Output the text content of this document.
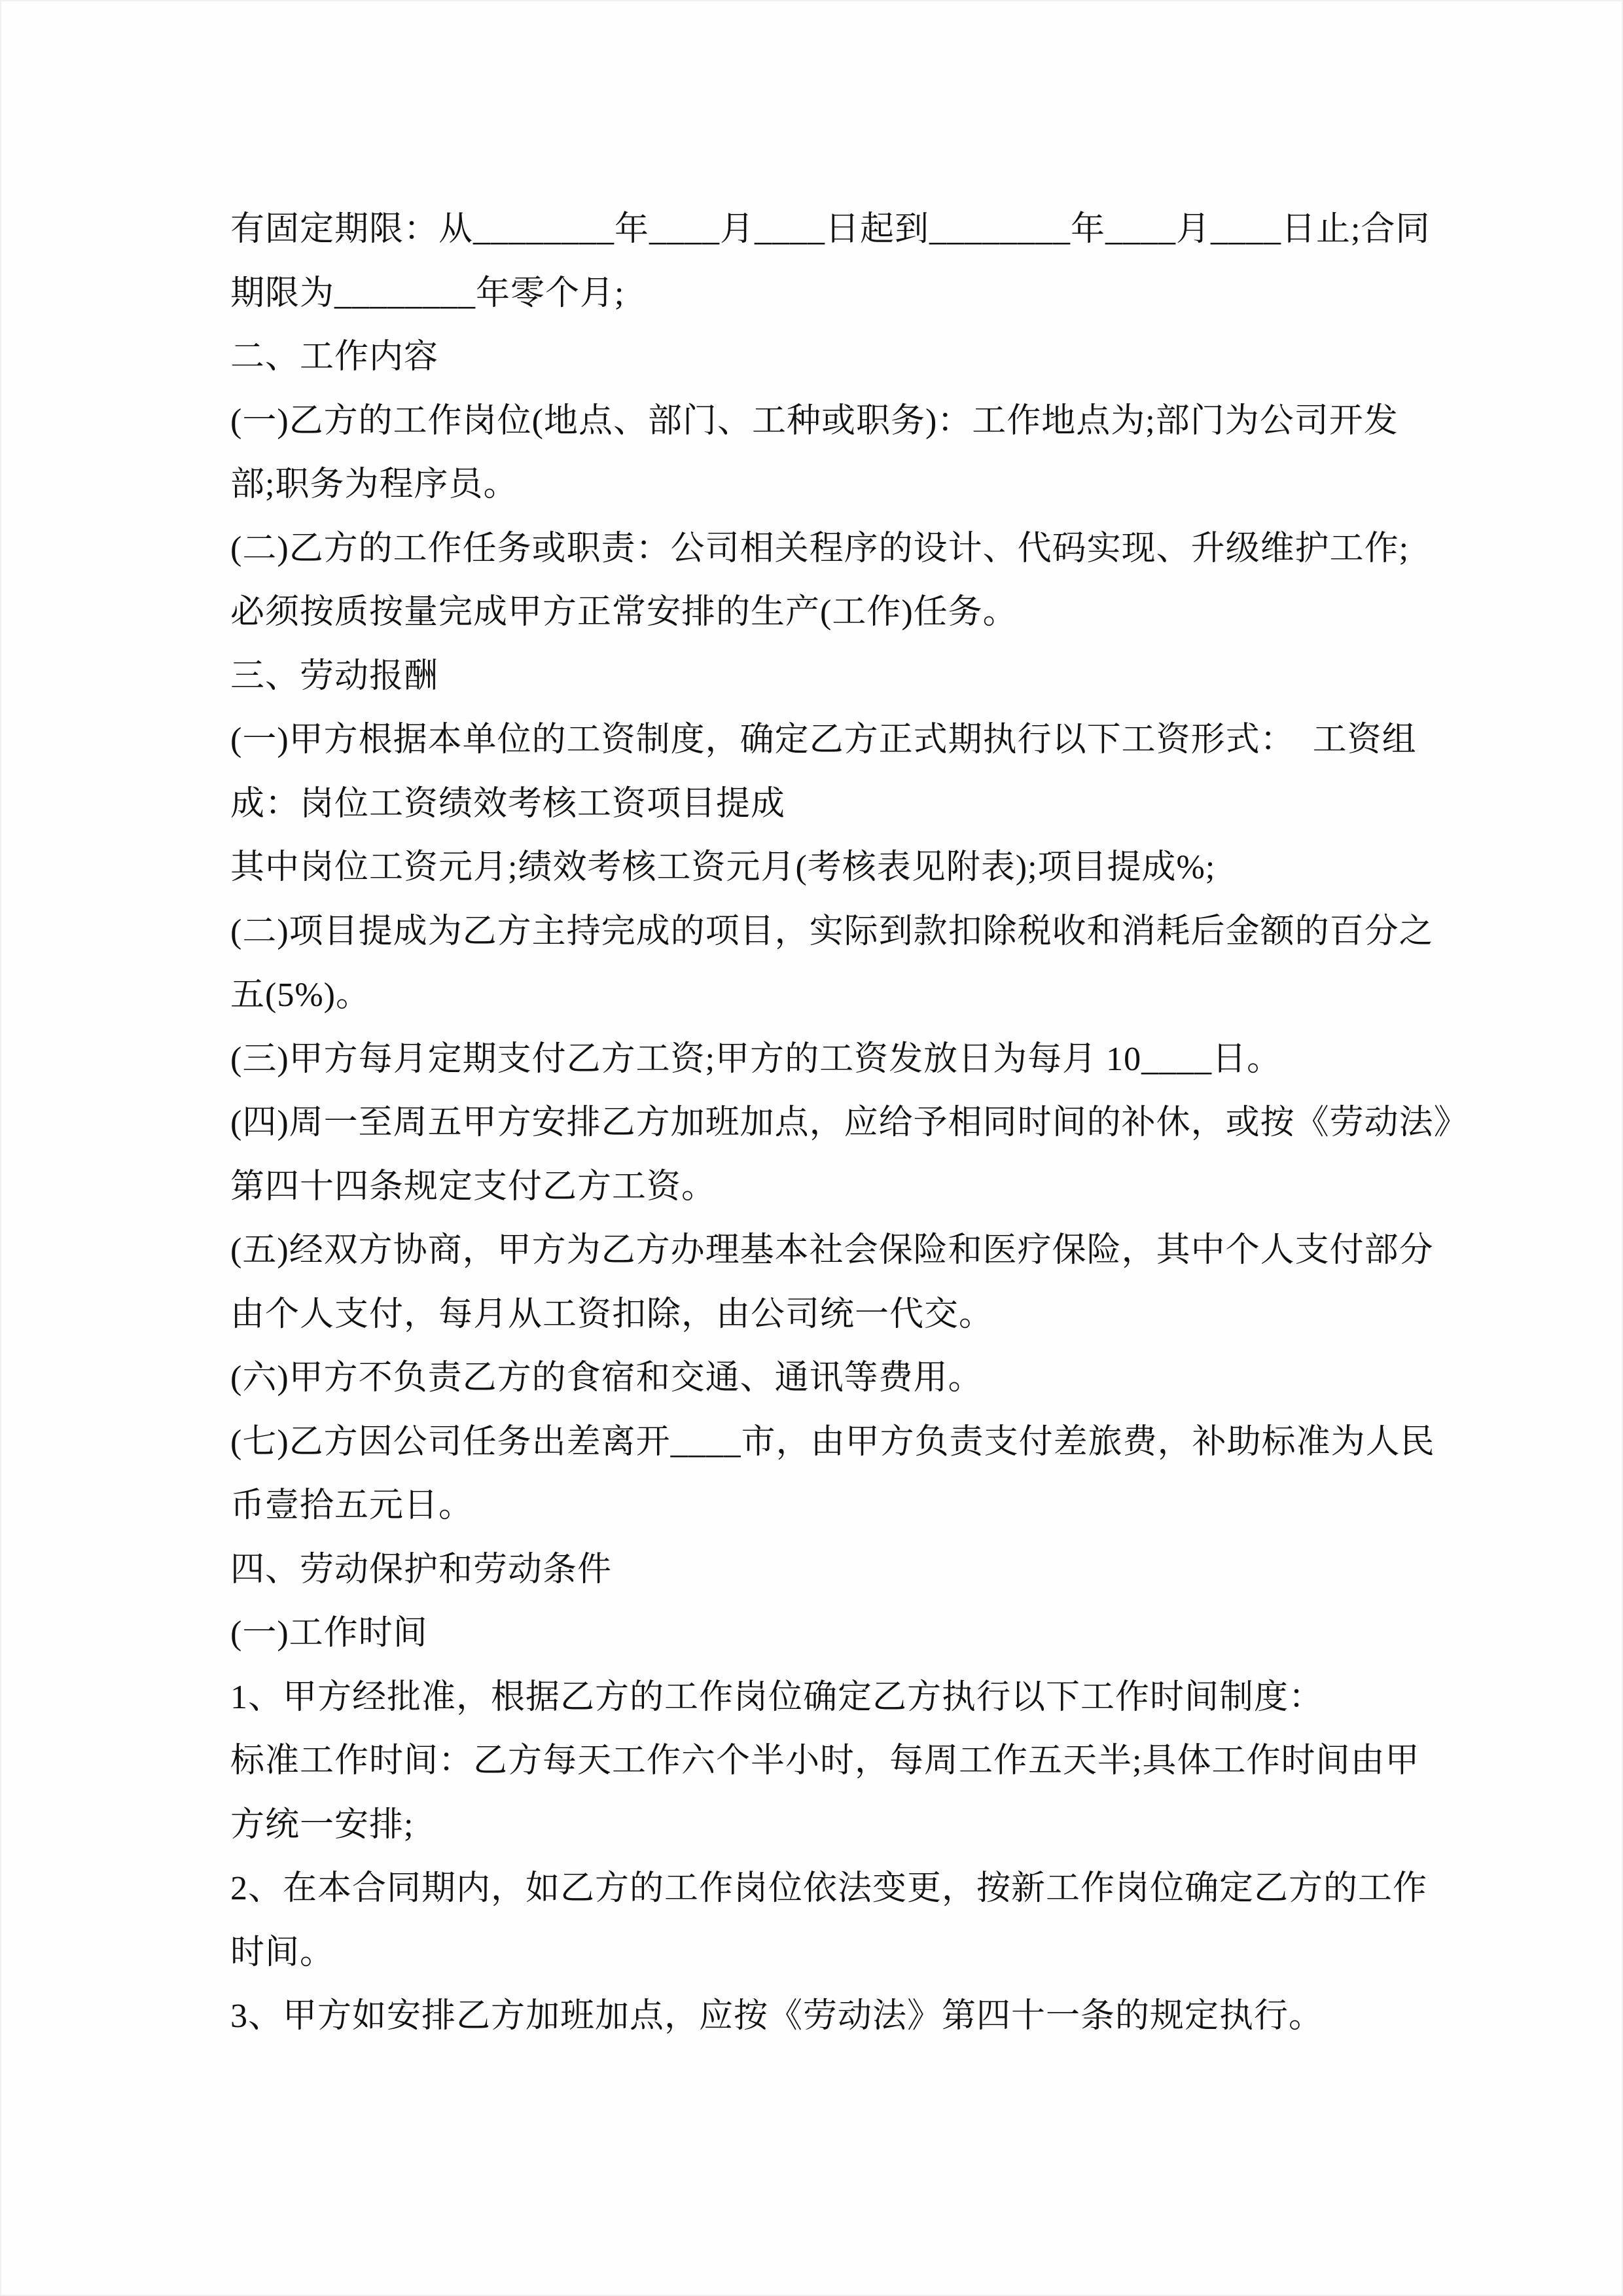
有固定期限：从________年____月____日起到________年____月____日止;合同
期限为________年零个月;
二、工作内容
(一)乙方的工作岗位(地点、部门、工种或职务)：工作地点为;部门为公司开发
部;职务为程序员。
(二)乙方的工作任务或职责：公司相关程序的设计、代码实现、升级维护工作;
必须按质按量完成甲方正常安排的生产(工作)任务。
三、劳动报酬
(一)甲方根据本单位的工资制度，确定乙方正式期执行以下工资形式：　工资组
成：岗位工资绩效考核工资项目提成
其中岗位工资元月;绩效考核工资元月(考核表见附表);项目提成%;
(二)项目提成为乙方主持完成的项目，实际到款扣除税收和消耗后金额的百分之
五(5%)。
(三)甲方每月定期支付乙方工资;甲方的工资发放日为每月 10____日。
(四)周一至周五甲方安排乙方加班加点，应给予相同时间的补休，或按《劳动法》
第四十四条规定支付乙方工资。
(五)经双方协商，甲方为乙方办理基本社会保险和医疗保险，其中个人支付部分
由个人支付，每月从工资扣除，由公司统一代交。
(六)甲方不负责乙方的食宿和交通、通讯等费用。
(七)乙方因公司任务出差离开____市，由甲方负责支付差旅费，补助标准为人民
币壹拾五元日。
四、劳动保护和劳动条件
(一)工作时间
1、甲方经批准，根据乙方的工作岗位确定乙方执行以下工作时间制度：
标准工作时间：乙方每天工作六个半小时，每周工作五天半;具体工作时间由甲
方统一安排;
2、在本合同期内，如乙方的工作岗位依法变更，按新工作岗位确定乙方的工作
时间。
3、甲方如安排乙方加班加点，应按《劳动法》第四十一条的规定执行。
